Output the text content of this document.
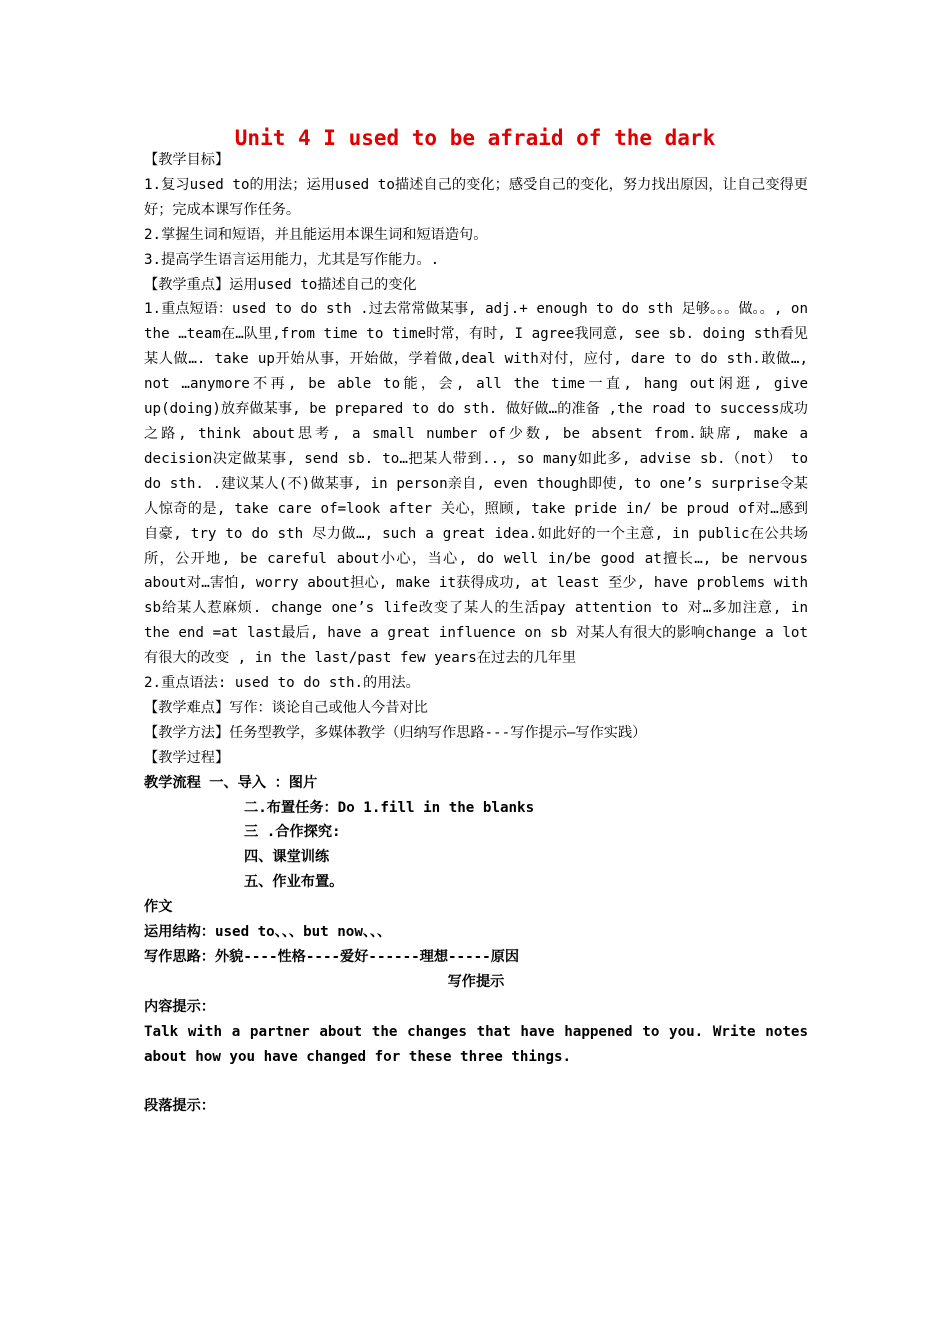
Unit 4 I used to be afraid of the dark

【教学目标】

1.复习used to的用法；运用used to描述自己的变化；感受自己的变化，努力找出原因，让自己变得更好；完成本课写作任务。

2.掌握生词和短语，并且能运用本课生词和短语造句。

3.提高学生语言运用能力，尤其是写作能力。.

【教学重点】运用used to描述自己的变化

1.重点短语：used to do sth .过去常常做某事, adj.+ enough to do sth 足够。。。做。。, on the …team在…队里,from time to time时常，有时, I agree我同意, see sb. doing sth看见某人做…. take up开始从事，开始做，学着做,deal with对付，应付, dare to do sth.敢做…, not …anymore不再, be able to能，会, all the time一直, hang out闲逛, give up(doing)放弃做某事, be prepared to do sth. 做好做…的准备 ,the road to success成功之路, think about思考, a small number of少数, be absent from.缺席, make a decision决定做某事, send sb. to…把某人带到.., so many如此多, advise sb.（not） to do sth. .建议某人(不)做某事, in person亲自, even though即使, to one’s surprise令某人惊奇的是, take care of=look after 关心，照顾, take pride in/ be proud of对…感到自豪, try to do sth 尽力做…, such a great idea.如此好的一个主意, in public在公共场所，公开地, be careful about小心，当心, do well in/be good at擅长…, be nervous about对…害怕, worry about担心, make it获得成功, at least 至少, have problems with sb给某人惹麻烦. change one’s life改变了某人的生活pay attention to 对…多加注意, in the end =at last最后, have a great influence on sb 对某人有很大的影响change a lot有很大的改变 , in the last/past few years在过去的几年里

2.重点语法: used to do sth.的用法。

【教学难点】写作：谈论自己或他人今昔对比

【教学方法】任务型教学，多媒体教学（归纳写作思路---写作提示—写作实践）

【教学过程】

教学流程 一、导入 ：图片

二.布置任务：Do 1.fill in the blanks

三 .合作探究:

四、课堂训练

五、作业布置。

作文

运用结构：used to、、、but now、、、

写作思路：外貌----性格----爱好------理想-----原因

写作提示

内容提示：

Talk with a partner about the changes that have happened to you. Write notes about how you have changed for these three things.

段落提示：
